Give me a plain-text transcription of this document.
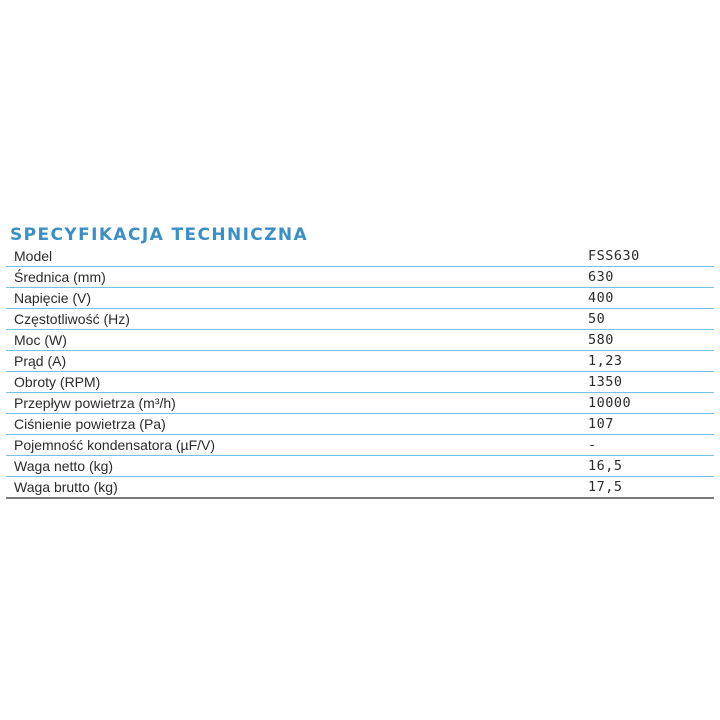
SPECYFIKACJA TECHNICZNA
Model	FSS630
Średnica (mm)	630
Napięcie (V)	400
Częstotliwość (Hz)	50
Moc (W)	580
Prąd (A)	1,23
Obroty (RPM)	1350
Przepływ powietrza (m³/h)	10000
Ciśnienie powietrza (Pa)	107
Pojemność kondensatora (µF/V)	-
Waga netto (kg)	16,5
Waga brutto (kg)	17,5
